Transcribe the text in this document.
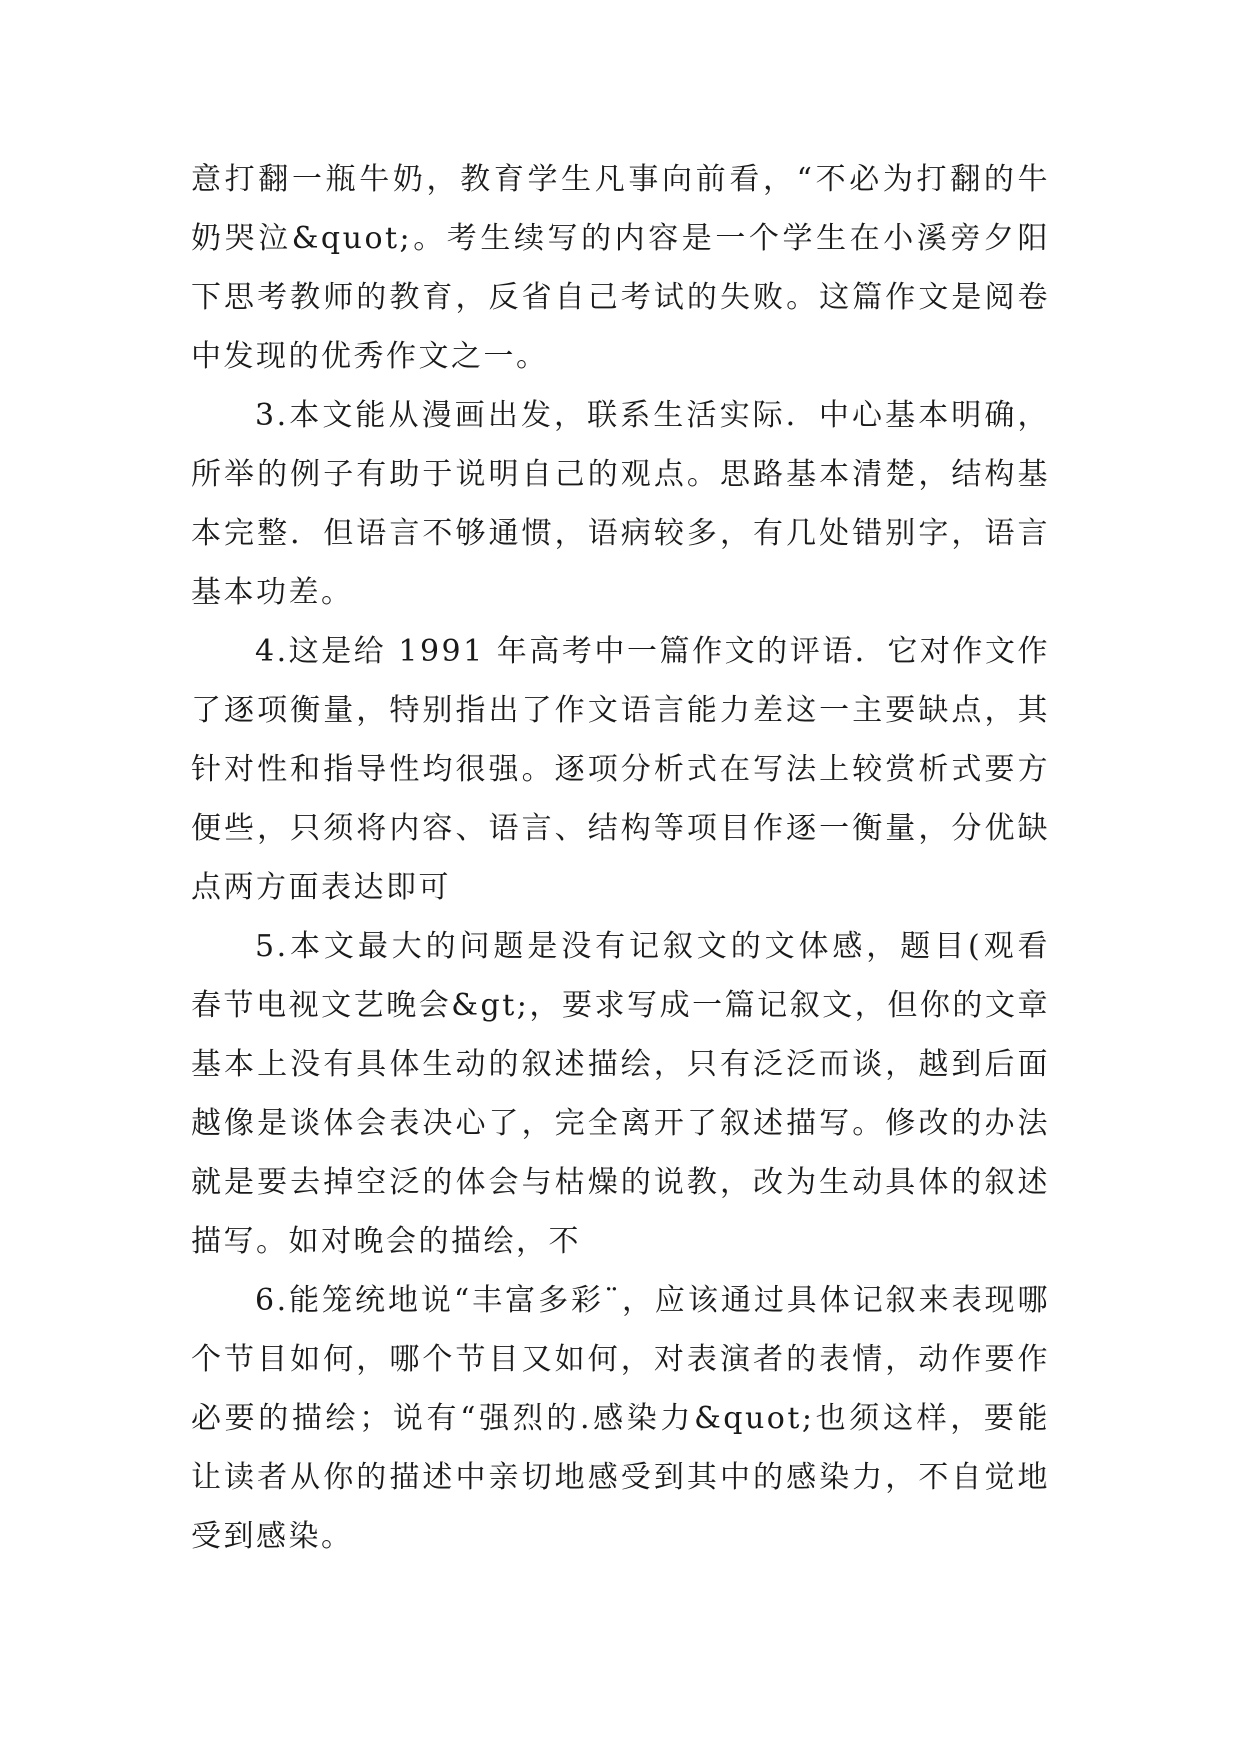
意打翻一瓶牛奶，教育学生凡事向前看，“不必为打翻的牛奶哭泣&quot;。考生续写的内容是一个学生在小溪旁夕阳下思考教师的教育，反省自己考试的失败。这篇作文是阅卷中发现的优秀作文之一。

3.本文能从漫画出发，联系生活实际．中心基本明确，所举的例子有助于说明自己的观点。思路基本清楚，结构基本完整．但语言不够通惯，语病较多，有几处错别字，语言基本功差。

4.这是给 1991 年高考中一篇作文的评语．它对作文作了逐项衡量，特别指出了作文语言能力差这一主要缺点，其针对性和指导性均很强。逐项分析式在写法上较赏析式要方便些，只须将内容、语言、结构等项目作逐一衡量，分优缺点两方面表达即可

5.本文最大的问题是没有记叙文的文体感，题目(观看春节电视文艺晚会&gt;，要求写成一篇记叙文，但你的文章基本上没有具体生动的叙述描绘，只有泛泛而谈，越到后面越像是谈体会表决心了，完全离开了叙述描写。修改的办法就是要去掉空泛的体会与枯燥的说教，改为生动具体的叙述描写。如对晚会的描绘，不

6.能笼统地说“丰富多彩¨，应该通过具体记叙来表现哪个节目如何，哪个节目又如何，对表演者的表情，动作要作必要的描绘；说有“强烈的.感染力&quot;也须这样，要能让读者从你的描述中亲切地感受到其中的感染力，不自觉地受到感染。
